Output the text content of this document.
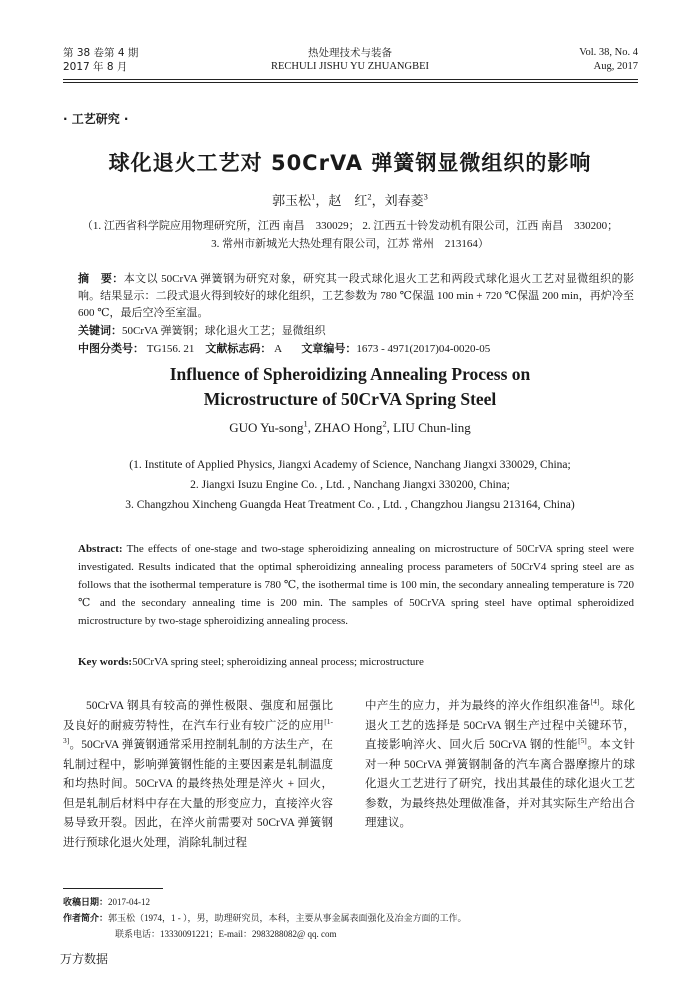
第 38 卷第 4 期
2017 年 8 月
热处理技术与装备
RECHULI JISHU YU ZHUANGBEI
Vol. 38, No. 4
Aug, 2017
· 工艺研究 ·
球化退火工艺对 50CrVA 弹簧钢显微组织的影响
郭玉松$^1$，赵　红$^2$，刘春菱$^3$
（1. 江西省科学院应用物理研究所，江西 南昌　330029； 2. 江西五十铃发动机有限公司，江西 南昌　330200；
3. 常州市新城光大热处理有限公司，江苏 常州　213164）
摘　要：本文以 50CrVA 弹簧钢为研究对象，研究其一段式球化退火工艺和两段式球化退火工艺对显微组织的影响。结果显示：二段式退火得到较好的球化组织，工艺参数为 780 ℃保温 100 min + 720 ℃保温 200 min，再炉冷至 600 ℃，最后空冷至室温。
关键词：50CrVA 弹簧钢；球化退火工艺；显微组织
中图分类号： TG156. 21 文献标志码： A 文章编号：1673 - 4971(2017)04-0020-05
Influence of Spheroidizing Annealing Process on
Microstructure of 50CrVA Spring Steel
GUO Yu-song$^1$, ZHAO Hong$^2$, LIU Chun-ling
(1. Institute of Applied Physics, Jiangxi Academy of Science, Nanchang Jiangxi 330029, China;
2. Jiangxi Isuzu Engine Co. , Ltd. , Nanchang Jiangxi 330200, China;
3. Changzhou Xincheng Guangda Heat Treatment Co. , Ltd. , Changzhou Jiangsu 213164, China)
Abstract: The effects of one-stage and two-stage spheroidizing annealing on microstructure of 50CrVA spring steel were investigated. Results indicated that the optimal spheroidizing annealing process parameters of 50CrV4 spring steel are as follows that the isothermal temperature is 780 ℃, the isothermal time is 100 min, the secondary annealing temperature is 720 ℃ and the secondary annealing time is 200 min. The samples of 50CrVA spring steel have optimal spheroidized microstructure by two-stage spheroidizing annealing process.
Key words:50CrVA spring steel; spheroidizing anneal process; microstructure
50CrVA 钢具有较高的弹性极限、强度和屈强比及良好的耐疲劳特性，在汽车行业有较广泛的应用[1-3]。50CrVA 弹簧钢通常采用控制轧制的方法生产，在轧制过程中，影响弹簧钢性能的主要因素是轧制温度和均热时间。50CrVA 的最终热处理是淬火 + 回火，但是轧制后材料中存在大量的形变应力，直接淬火容易导致开裂。因此，在淬火前需要对 50CrVA 弹簧钢进行预球化退火处理，消除轧制过程
中产生的应力，并为最终的淬火作组织准备[4]。球化退火工艺的选择是 50CrVA 钢生产过程中关键环节，直接影响淬火、回火后 50CrVA 钢的性能[5]。本文针对一种 50CrVA 弹簧钢制备的汽车离合器摩擦片的球化退火工艺进行了研究，找出其最佳的球化退火工艺参数，为最终热处理做准备，并对其实际生产给出合理建议。
收稿日期：2017-04-12
作者简介：郭玉松（1974，1 - ），男，助理研究员，本科，主要从事金属表面强化及冶金方面的工作。
联系电话：13330091221；E-mail：2983288082@ qq. com
万方数据
